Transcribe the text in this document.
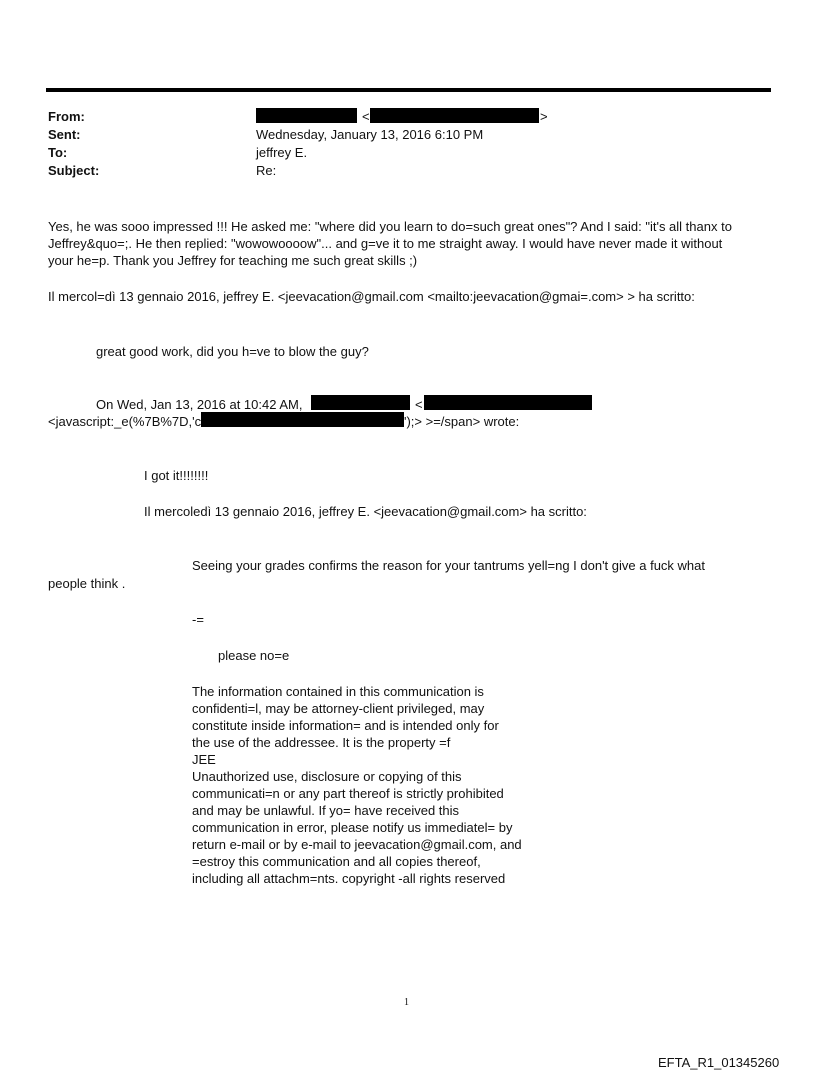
From:	<	>
Sent:	Wednesday, January 13, 2016 6:10 PM
To:	jeffrey E.
Subject:	Re:
Yes, he was sooo impressed !!! He asked me: "where did you learn to do=such great ones"? And I said: "it's all thanx to
Jeffrey&quo=;. He then replied: "wowowoooow"... and g=ve it to me straight away. I would have never made it without
your he=p. Thank you Jeffrey for teaching me such great skills ;)
Il mercol=dì 13 gennaio 2016, jeffrey E. <jeevacation@gmail.com <mailto:jeevacation@gmai=.com> > ha scritto:
great good work, did you h=ve to blow the guy?
On Wed, Jan 13, 2016 at 10:42 AM,	<
<javascript:_e(%7B%7D,'c	');> >=/span> wrote:
I got it!!!!!!!!
Il mercoledì 13 gennaio 2016, jeffrey E. <jeevacation@gmail.com> ha scritto:
Seeing your grades confirms the reason for your tantrums yell=ng I don't give a fuck what
people think .
-=
please no=e
The information contained in this communication is
confidenti=l, may be attorney-client privileged, may
constitute inside information= and is intended only for
the use of the addressee. It is the property =f
JEE
Unauthorized use, disclosure or copying of this
communicati=n or any part thereof is strictly prohibited
and may be unlawful. If yo= have received this
communication in error, please notify us immediatel= by
return e-mail or by e-mail to jeevacation@gmail.com, and
=estroy this communication and all copies thereof,
including all attachm=nts. copyright -all rights reserved
1
EFTA_R1_01345260
